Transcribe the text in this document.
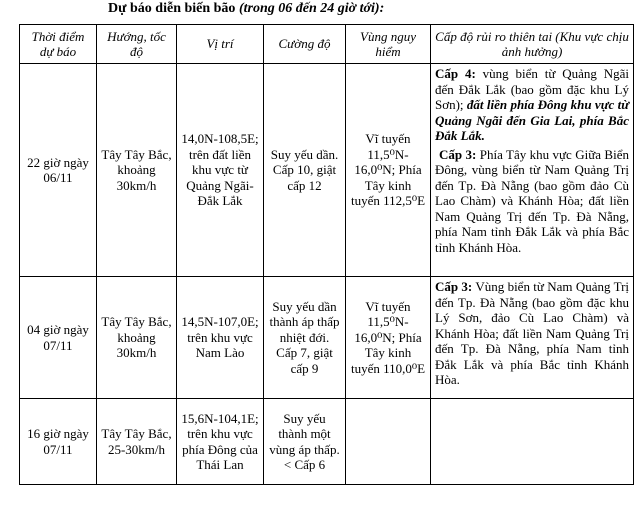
Dự báo diễn biến bão (trong 06 đến 24 giờ tới):
Thời điểm dự báo	Hướng, tốc độ	Vị trí	Cường độ	Vùng nguy hiểm	Cấp độ rủi ro thiên tai (Khu vực chịu ảnh hưởng)
22 giờ ngày 06/11	Tây Tây Bắc, khoảng 30km/h	14,0N-108,5E; trên đất liền khu vực từ Quảng Ngãi-Đắk Lắk	Suy yếu dần. Cấp 10, giật cấp 12	Vĩ tuyến 11,5⁰N-16,0⁰N; Phía Tây kinh tuyến 112,5⁰E	Cấp 4: vùng biển từ Quảng Ngãi đến Đắk Lắk (bao gồm đặc khu Lý Sơn); đất liền phía Đông khu vực từ Quảng Ngãi đến Gia Lai, phía Bắc Đắk Lắk.

Cấp 3: Phía Tây khu vực Giữa Biển Đông, vùng biển từ Nam Quảng Trị đến Tp. Đà Nẵng (bao gồm đảo Cù Lao Chàm) và Khánh Hòa; đất liền Nam Quảng Trị đến Tp. Đà Nẵng, phía Nam tỉnh Đắk Lắk và phía Bắc tỉnh Khánh Hòa.

04 giờ ngày 07/11	Tây Tây Bắc, khoảng 30km/h	14,5N-107,0E; trên khu vực Nam Lào	Suy yếu dần thành áp thấp nhiệt đới. Cấp 7, giật cấp 9	Vĩ tuyến 11,5⁰N-16,0⁰N; Phía Tây kinh tuyến 110,0⁰E	Cấp 3: Vùng biển từ Nam Quảng Trị đến Tp. Đà Nẵng (bao gồm đặc khu Lý Sơn, đảo Cù Lao Chàm) và Khánh Hòa; đất liền Nam Quảng Trị đến Tp. Đà Nẵng, phía Nam tỉnh Đắk Lắk và phía Bắc tỉnh Khánh Hòa.

16 giờ ngày 07/11	Tây Tây Bắc, 25-30km/h	15,6N-104,1E; trên khu vực phía Đông của Thái Lan	Suy yếu thành một vùng áp thấp. < Cấp 6		
